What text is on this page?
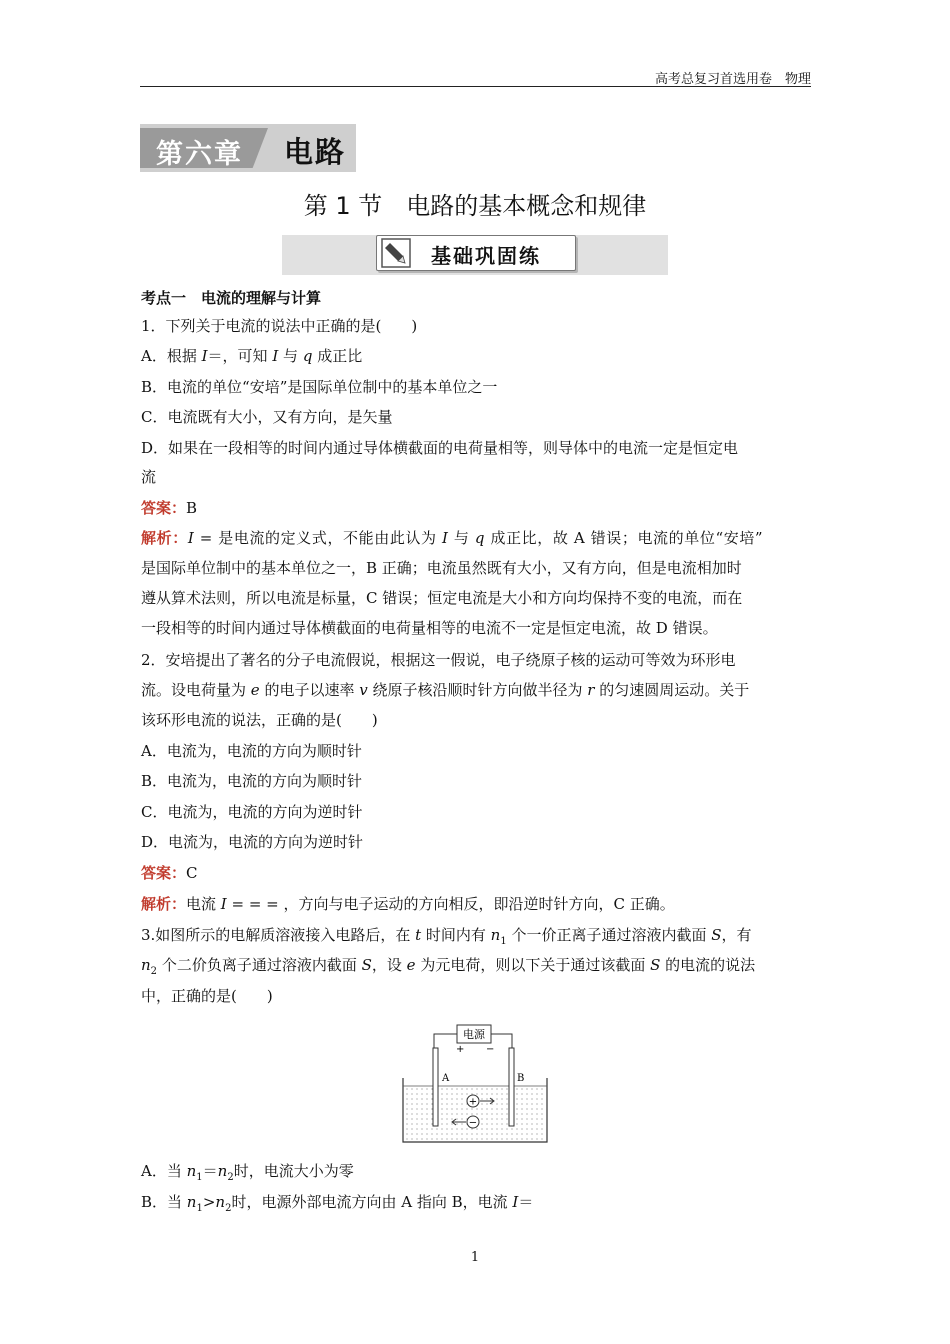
高考总复习首选用卷　物理
第六章 电路
第 1 节　电路的基本概念和规律
基础巩固练
考点一　电流的理解与计算
1．下列关于电流的说法中正确的是(　　)
A．根据 I＝，可知 I 与 q 成正比
B．电流的单位“安培”是国际单位制中的基本单位之一
C．电流既有大小，又有方向，是矢量
D．如果在一段相等的时间内通过导体横截面的电荷量相等，则导体中的电流一定是恒定电
流
答案：B
解析：I = 是电流的定义式，不能由此认为 I 与 q 成正比，故 A 错误；电流的单位“安培”
是国际单位制中的基本单位之一，B 正确；电流虽然既有大小，又有方向，但是电流相加时
遵从算术法则，所以电流是标量，C 错误；恒定电流是大小和方向均保持不变的电流，而在
一段相等的时间内通过导体横截面的电荷量相等的电流不一定是恒定电流，故 D 错误。
2．安培提出了著名的分子电流假说，根据这一假说，电子绕原子核的运动可等效为环形电
流。设电荷量为 e 的电子以速率 v 绕原子核沿顺时针方向做半径为 r 的匀速圆周运动。关于
该环形电流的说法，正确的是(　　)
A．电流为，电流的方向为顺时针
B．电流为，电流的方向为顺时针
C．电流为，电流的方向为逆时针
D．电流为，电流的方向为逆时针
答案：C
解析：电流 I = = = ，方向与电子运动的方向相反，即沿逆时针方向，C 正确。
3.如图所示的电解质溶液接入电路后，在 t 时间内有 $n_1$ 个一价正离子通过溶液内截面 S，有
$n_2$ 个二价负离子通过溶液内截面 S，设 e 为元电荷，则以下关于通过该截面 S 的电流的说法
中，正确的是(　　)
电源
+ −
A	B
+
−
A．当 $n_1=n_2$时，电流大小为零
B．当 $n_1>n_2$时，电源外部电流方向由 A 指向 B，电流 I＝
1
